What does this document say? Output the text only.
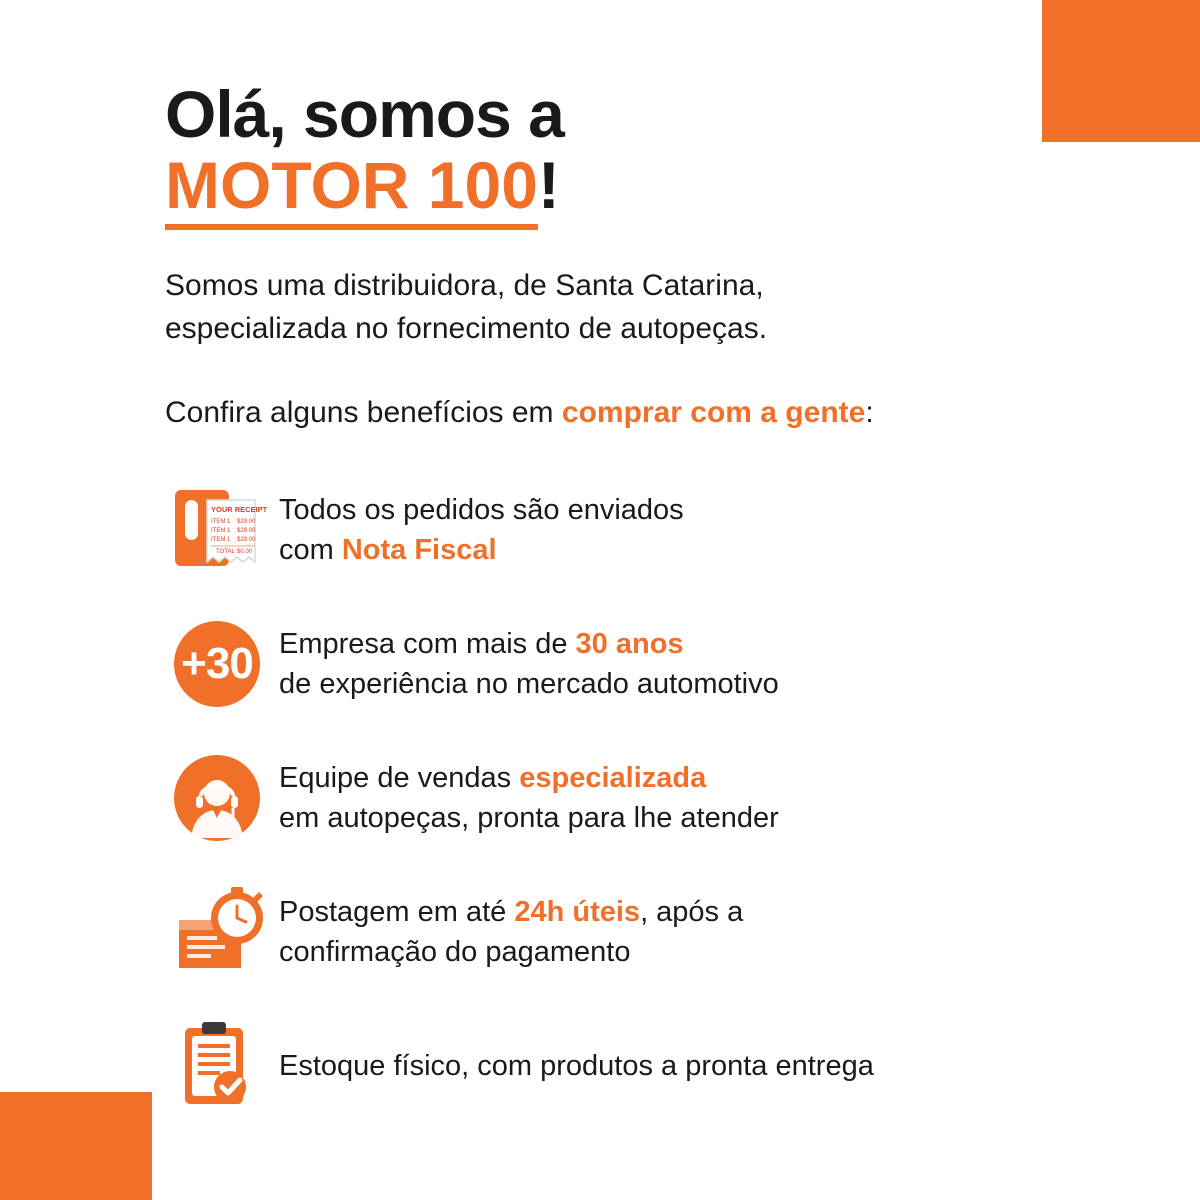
Olá, somos a
MOTOR 100!

Somos uma distribuidora, de Santa Catarina,
especializada no fornecimento de autopeças.

Confira alguns benefícios em comprar com a gente:

YOUR RECEIPT
ITEM 1 $29.00
ITEM 1 $29.00
ITEM 1 $29.00
TOTAL $0.00
Todos os pedidos são enviados
com Nota Fiscal
+30 Empresa com mais de 30 anos
de experiência no mercado automotivo
Equipe de vendas especializada
em autopeças, pronta para lhe atender
Postagem em até 24h úteis, após a
confirmação do pagamento
Estoque físico, com produtos a pronta entrega
